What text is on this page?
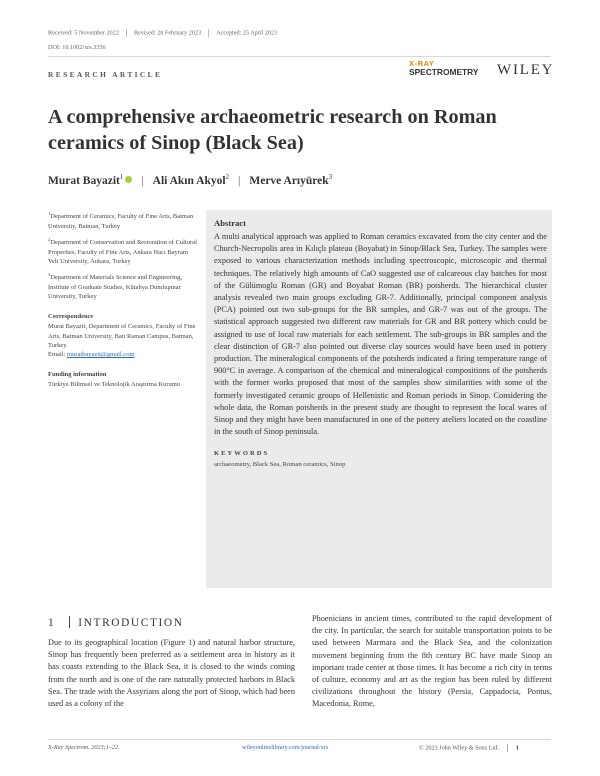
Received: 5 November 2022 Revised: 28 February 2023 Accepted: 25 April 2023
DOI: 10.1002/xrs.3356
RESEARCH ARTICLE
X-RAY
SPECTROMETRY WILEY
A comprehensive archaeometric research on Roman ceramics of Sinop (Black Sea)
Murat Bayazit$^1$ | Ali Akın Akyol$^2$ | Merve Arıyürek$^3$

$^1$Department of Ceramics, Faculty of Fine Arts, Batman University, Batman, Turkey

$^2$Department of Conservation and Restoration of Cultural Properties, Faculty of Fine Arts, Ankara Hacı Bayram Veli University, Ankara, Turkey

$^3$Department of Materials Science and Engineering, Institute of Graduate Studies, Kütahya Dumlupınar University, Turkey

Correspondence

Murat Bayazit, Department of Ceramics, Faculty of Fine Arts, Batman University, Batı Raman Campus, Batman, Turkey.
Email: muratbayazit@gmail.com

Funding information

Türkiye Bilimsel ve Teknolojik Araştırma Kurumu

Abstract

A multi analytical approach was applied to Roman ceramics excavated from the city center and the Church-Necropolis area in Kılıçlı plateau (Boyabat) in Sinop/Black Sea, Turkey. The samples were exposed to various characterization methods including spectroscopic, microscopic and thermal techniques. The relatively high amounts of CaO suggested use of calcareous clay batches for most of the Gülümoglu Roman (GR) and Boyabat Roman (BR) potsherds. The hierarchical cluster analysis revealed two main groups excluding GR-7. Additionally, principal component analysis (PCA) pointed out two sub-groups for the BR samples, and GR-7 was out of the groups. The statistical approach suggested two different raw materials for GR and BR pottery which could be assigned to use of local raw materials for each settlement. The sub-groups in BR samples and the clear distinction of GR-7 also pointed out diverse clay sources would have been used in pottery production. The mineralogical components of the potsherds indicated a firing temperature range of 900°C in average. A comparison of the chemical and mineralogical compositions of the potsherds with the former works proposed that most of the samples show similarities with some of the formerly investigated ceramic groups of Hellenistic and Roman periods in Sinop. Considering the whole data, the Roman potsherds in the present study are thought to represent the local wares of Sinop and they might have been manufactured in one of the pottery ateliers located on the coastline in the south of Sinop peninsula.

KEYWORDS

archaeometry, Black Sea, Roman ceramics, Sinop

1 INTRODUCTION
Due to its geographical location (Figure 1) and natural harbor structure, Sinop has frequently been preferred as a settlement area in history as it has coasts extending to the Black Sea, it is closed to the winds coming from the north and is one of the rare naturally protected harbors in Black Sea. The trade with the Assyrians along the port of Sinop, which had been used as a colony of the
Phoenicians in ancient times, contributed to the rapid development of the city. In particular, the search for suitable transportation points to be used between Marmara and the Black Sea, and the colonization movement beginning from the 8th century BC have made Sinop an important trade center at those times. It has become a rich city in terms of culture, economy and art as the region has been ruled by different civilizations throughout the history (Persia, Cappadocia, Pontus, Macedonia, Rome,
X-Ray Spectrom. 2023;1–22.	wileyonlinelibrary.com/journal/xrs	© 2023 John Wiley & Sons Ltd.	1
